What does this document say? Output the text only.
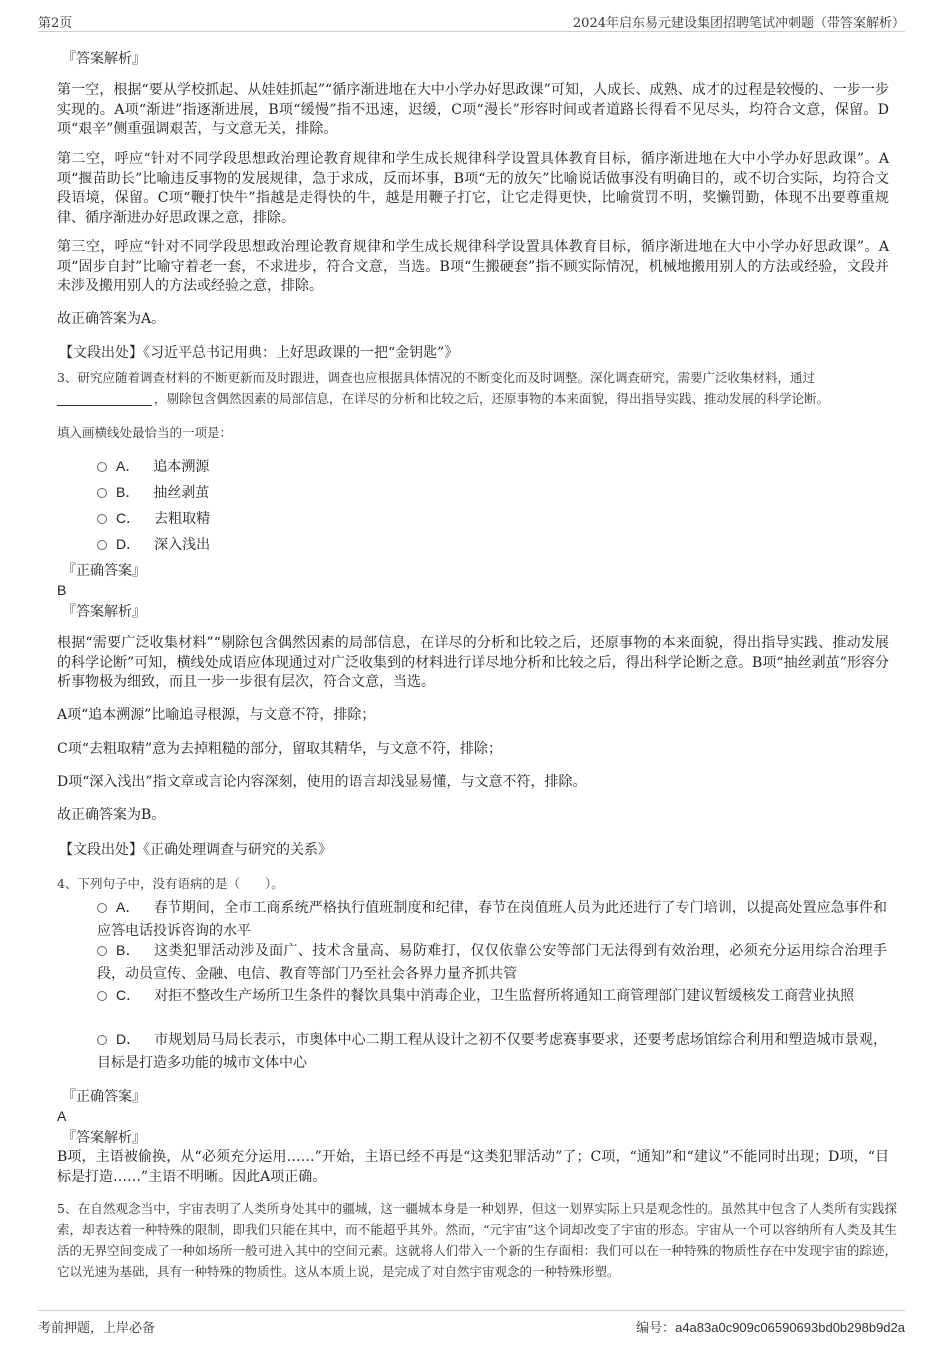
第2页	2024年启东易元建设集团招聘笔试冲刺题（带答案解析）
『答案解析』
第一空，根据“要从学校抓起、从娃娃抓起”“循序渐进地在大中小学办好思政课”可知，人成长、成熟、成才的过程是较慢的、一步一步实现的。A项“渐进”指逐渐进展，B项“缓慢”指不迅速，迟缓，C项“漫长”形容时间或者道路长得看不见尽头，均符合文意，保留。D项“艰辛”侧重强调艰苦，与文意无关，排除。
第二空，呼应“针对不同学段思想政治理论教育规律和学生成长规律科学设置具体教育目标，循序渐进地在大中小学办好思政课”。A项“揠苗助长”比喻违反事物的发展规律，急于求成，反而坏事，B项“无的放矢”比喻说话做事没有明确目的，或不切合实际，均符合文段语境，保留。C项“鞭打快牛”指越是走得快的牛，越是用鞭子打它，让它走得更快，比喻赏罚不明，奖懒罚勤，体现不出要尊重规律、循序渐进办好思政课之意，排除。
第三空，呼应“针对不同学段思想政治理论教育规律和学生成长规律科学设置具体教育目标，循序渐进地在大中小学办好思政课”。A项“固步自封”比喻守着老一套，不求进步，符合文意，当选。B项“生搬硬套”指不顾实际情况，机械地搬用别人的方法或经验，文段并未涉及搬用别人的方法或经验之意，排除。
故正确答案为A。
【文段出处】《习近平总书记用典：上好思政课的一把“金钥匙”》
3、研究应随着调查材料的不断更新而及时跟进，调查也应根据具体情况的不断变化而及时调整。深化调查研究，需要广泛收集材料，通过
，剔除包含偶然因素的局部信息，在详尽的分析和比较之后，还原事物的本来面貌，得出指导实践、推动发展的科学论断。
填入画横线处最恰当的一项是：
A． 追本溯源
B． 抽丝剥茧
C． 去粗取精
D． 深入浅出
『正确答案』
B
『答案解析』
根据“需要广泛收集材料”“剔除包含偶然因素的局部信息，在详尽的分析和比较之后，还原事物的本来面貌，得出指导实践、推动发展的科学论断”可知，横线处成语应体现通过对广泛收集到的材料进行详尽地分析和比较之后，得出科学论断之意。B项“抽丝剥茧”形容分析事物极为细致，而且一步一步很有层次，符合文意，当选。
A项“追本溯源”比喻追寻根源，与文意不符，排除；
C项“去粗取精”意为去掉粗糙的部分，留取其精华，与文意不符，排除；
D项“深入浅出”指文章或言论内容深刻，使用的语言却浅显易懂，与文意不符，排除。
故正确答案为B。
【文段出处】《正确处理调查与研究的关系》
4、下列句子中，没有语病的是（　　）。
A． 春节期间，全市工商系统严格执行值班制度和纪律，春节在岗值班人员为此还进行了专门培训，以提高处置应急事件和应答电话投诉咨询的水平
B． 这类犯罪活动涉及面广、技术含量高、易防难打，仅仅依靠公安等部门无法得到有效治理，必须充分运用综合治理手段，动员宣传、金融、电信、教育等部门乃至社会各界力量齐抓共管
C． 对拒不整改生产场所卫生条件的餐饮具集中消毒企业，卫生监督所将通知工商管理部门建议暂缓核发工商营业执照
D． 市规划局马局长表示，市奥体中心二期工程从设计之初不仅要考虑赛事要求，还要考虑场馆综合利用和塑造城市景观，目标是打造多功能的城市文体中心
『正确答案』
A
『答案解析』
B项，主语被偷换，从“必须充分运用……”开始，主语已经不再是“这类犯罪活动”了；C项，“通知”和“建议”不能同时出现；D项，“目标是打造……”主语不明晰。因此A项正确。
5、在自然观念当中，宇宙表明了人类所身处其中的疆城，这一疆城本身是一种划界，但这一划界实际上只是观念性的。虽然其中包含了人类所有实践探索，却表达着一种特殊的限制，即我们只能在其中，而不能超乎其外。然而，“元宇宙”这个词却改变了宇宙的形态。宇宙从一个可以容纳所有人类及其生活的无界空间变成了一种如场所一般可进入其中的空间元素。这就将人们带入一个新的生存面相：我们可以在一种特殊的物质性存在中发现宇宙的踪迹，它以光速为基础，具有一种特殊的物质性。这从本质上说，是完成了对自然宇宙观念的一种特殊形塑。
考前押题，上岸必备	编号：a4a83a0c909c06590693bd0b298b9d2a
